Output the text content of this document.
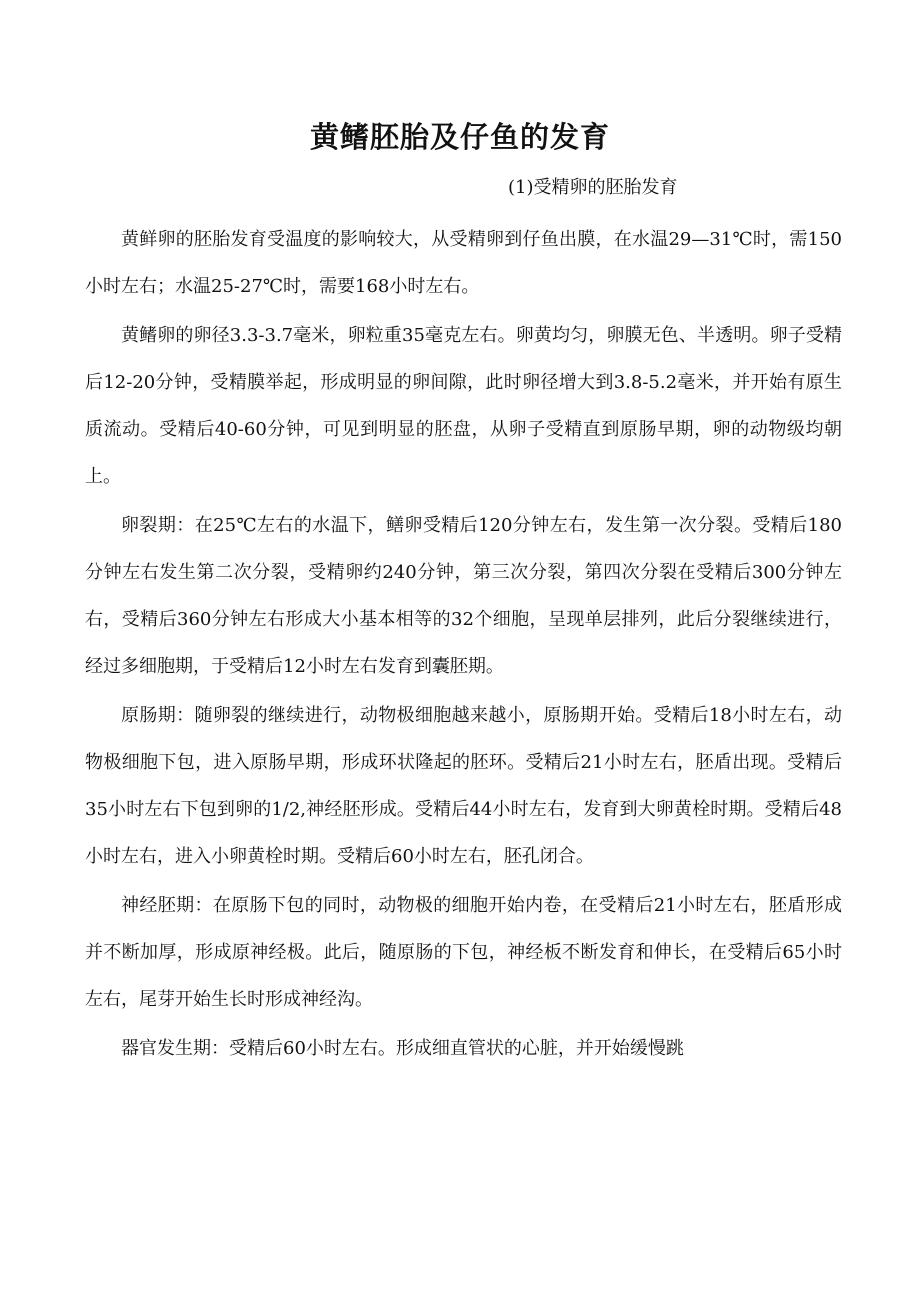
黄鳍胚胎及仔鱼的发育
(1)受精卵的胚胎发育

黄鲜卵的胚胎发育受温度的影响较大，从受精卵到仔鱼出膜，在水温29—31℃时，需150小时左右；水温25-27℃时，需要168小时左右。

黄鳍卵的卵径3.3-3.7毫米，卵粒重35毫克左右。卵黄均匀，卵膜无色、半透明。卵子受精后12-20分钟，受精膜举起，形成明显的卵间隙，此时卵径增大到3.8-5.2毫米，并开始有原生质流动。受精后40-60分钟，可见到明显的胚盘，从卵子受精直到原肠早期，卵的动物级均朝上。

卵裂期：在25℃左右的水温下，鳝卵受精后120分钟左右，发生第一次分裂。受精后180分钟左右发生第二次分裂，受精卵约240分钟，第三次分裂，第四次分裂在受精后300分钟左右，受精后360分钟左右形成大小基本相等的32个细胞，呈现单层排列，此后分裂继续进行，经过多细胞期，于受精后12小时左右发育到囊胚期。

原肠期：随卵裂的继续进行，动物极细胞越来越小，原肠期开始。受精后18小时左右，动物极细胞下包，进入原肠早期，形成环状隆起的胚环。受精后21小时左右，胚盾出现。受精后35小时左右下包到卵的1/2,神经胚形成。受精后44小时左右，发育到大卵黄栓时期。受精后48小时左右，进入小卵黄栓时期。受精后60小时左右，胚孔闭合。

神经胚期：在原肠下包的同时，动物极的细胞开始内卷，在受精后21小时左右，胚盾形成并不断加厚，形成原神经极。此后，随原肠的下包，神经板不断发育和伸长，在受精后65小时左右，尾芽开始生长时形成神经沟。

器官发生期：受精后60小时左右。形成细直管状的心脏，并开始缓慢跳
